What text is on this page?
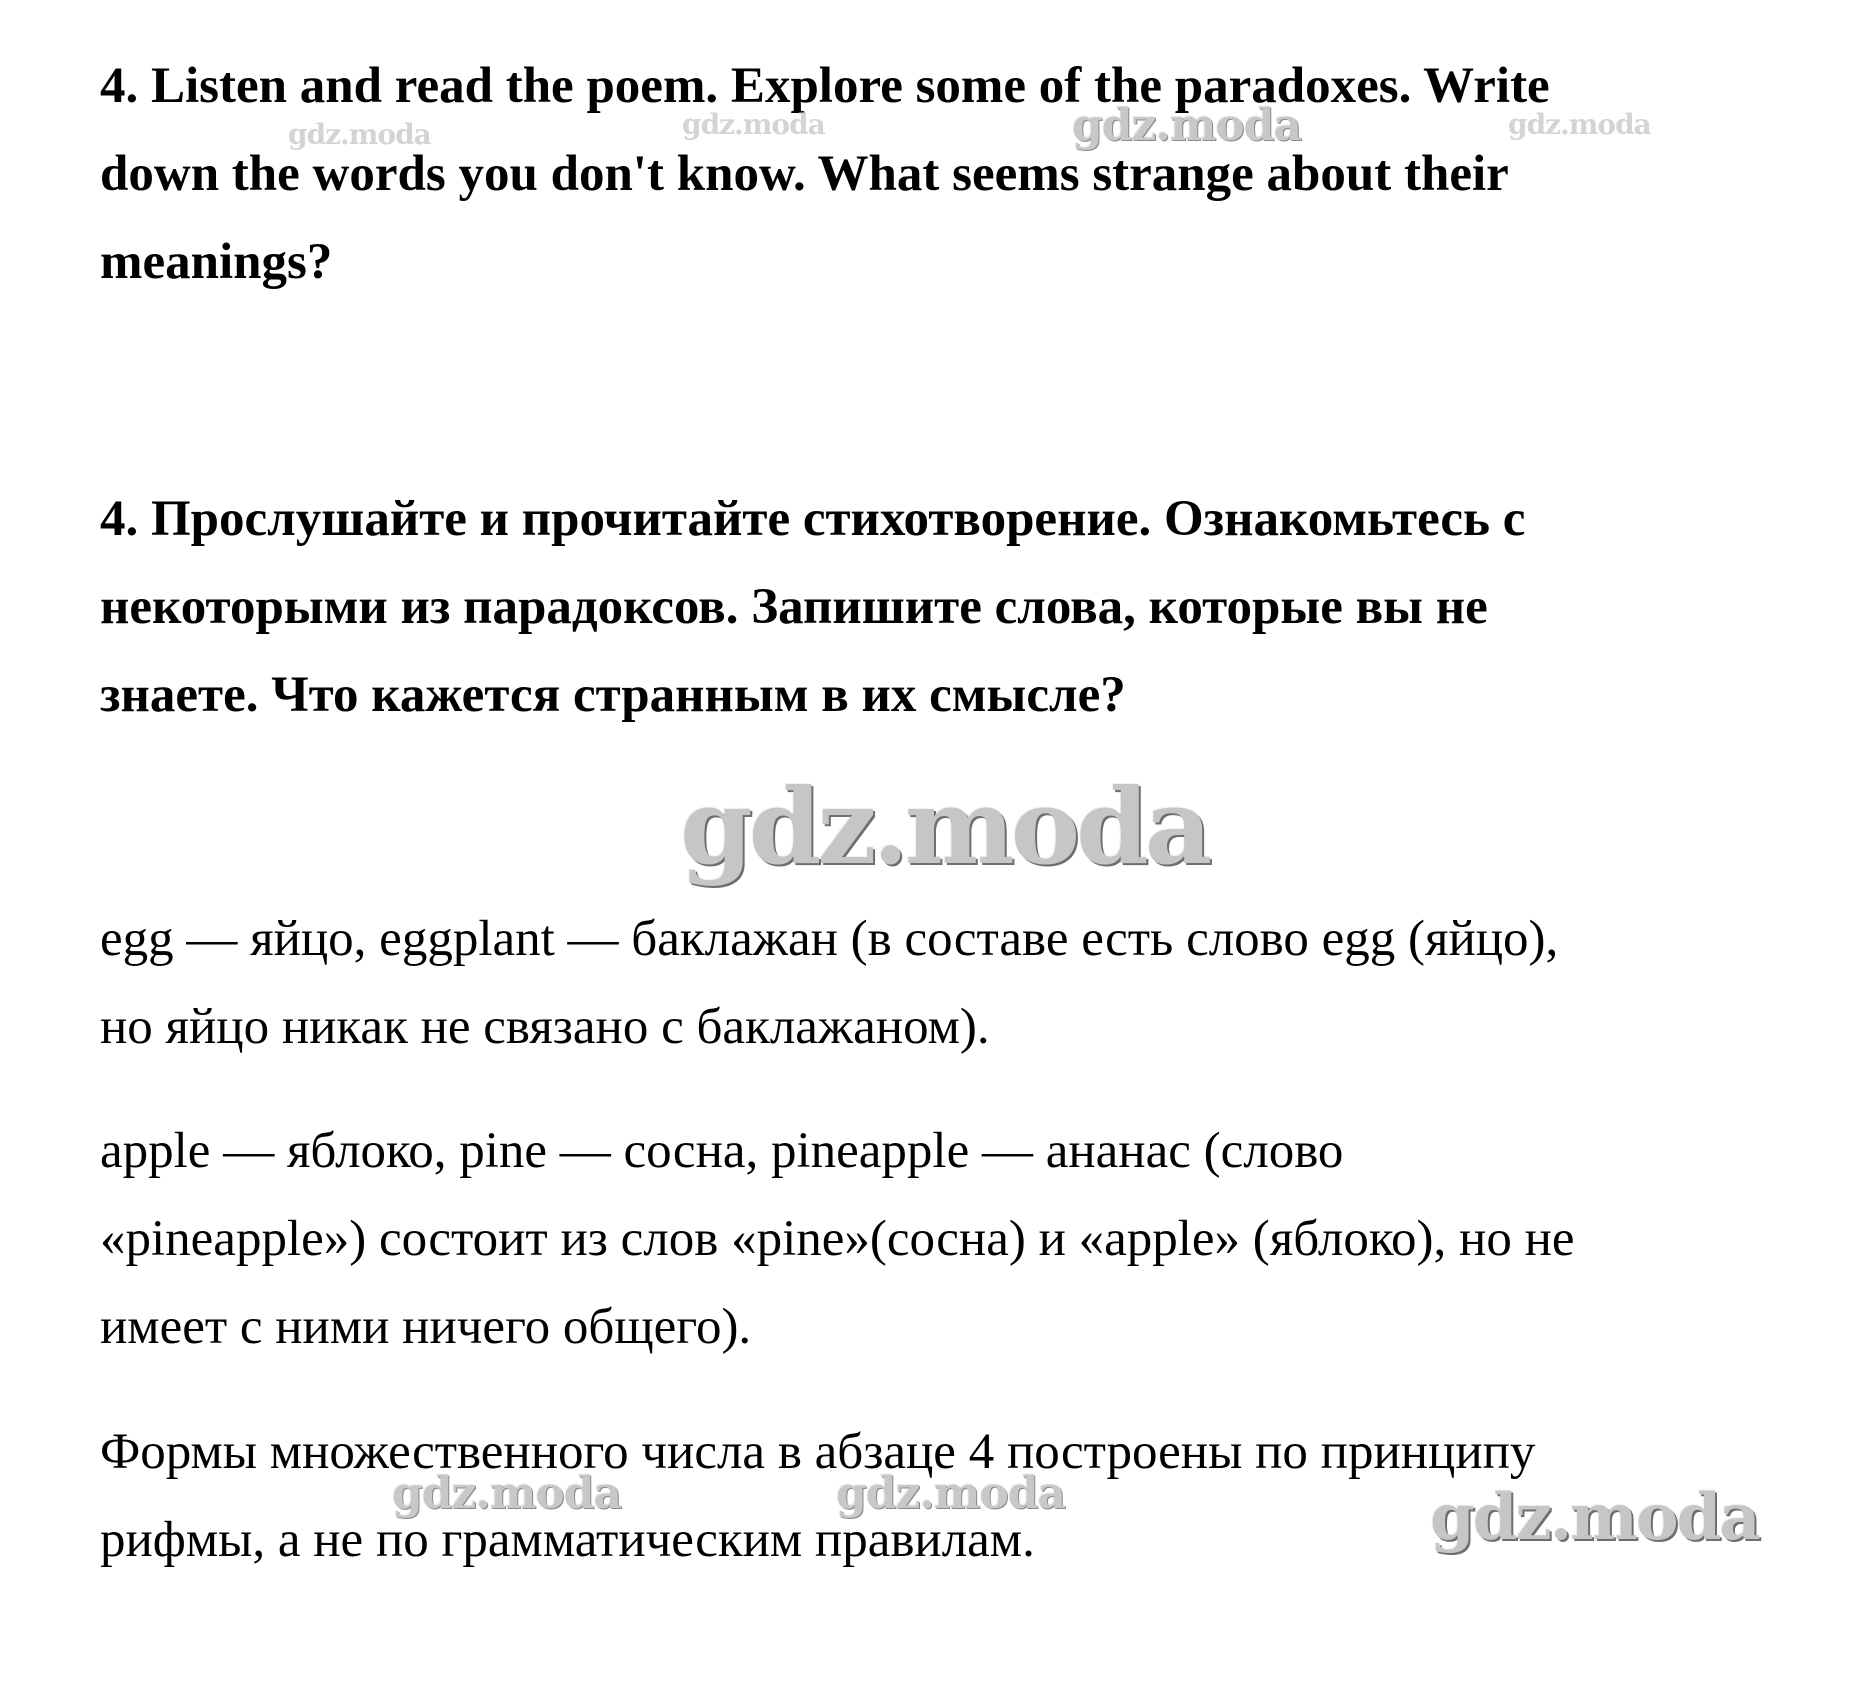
4. Listen and read the poem. Explore some of the paradoxes. Write
down the words you don't know. What seems strange about their
meanings?

4. Прослушайте и прочитайте стихотворение. Ознакомьтесь с
некоторыми из парадоксов. Запишите слова, которые вы не
знаете. Что кажется странным в их смысле?

egg — яйцо, eggplant — баклажан (в составе есть слово egg (яйцо),
но яйцо никак не связано с баклажаном).

apple — яблоко, pine — сосна, pineapple — ананас (слово
«pineapple») состоит из слов «pine»(сосна) и «apple» (яблоко), но не
имеет с ними ничего общего).

Формы множественного числа в абзаце 4 построены по принципу
рифмы, а не по грамматическим правилам.

gdz.moda	gdz.moda	gdz.moda	gdz.moda
gdz.moda
gdz.moda	gdz.moda	gdz.moda
